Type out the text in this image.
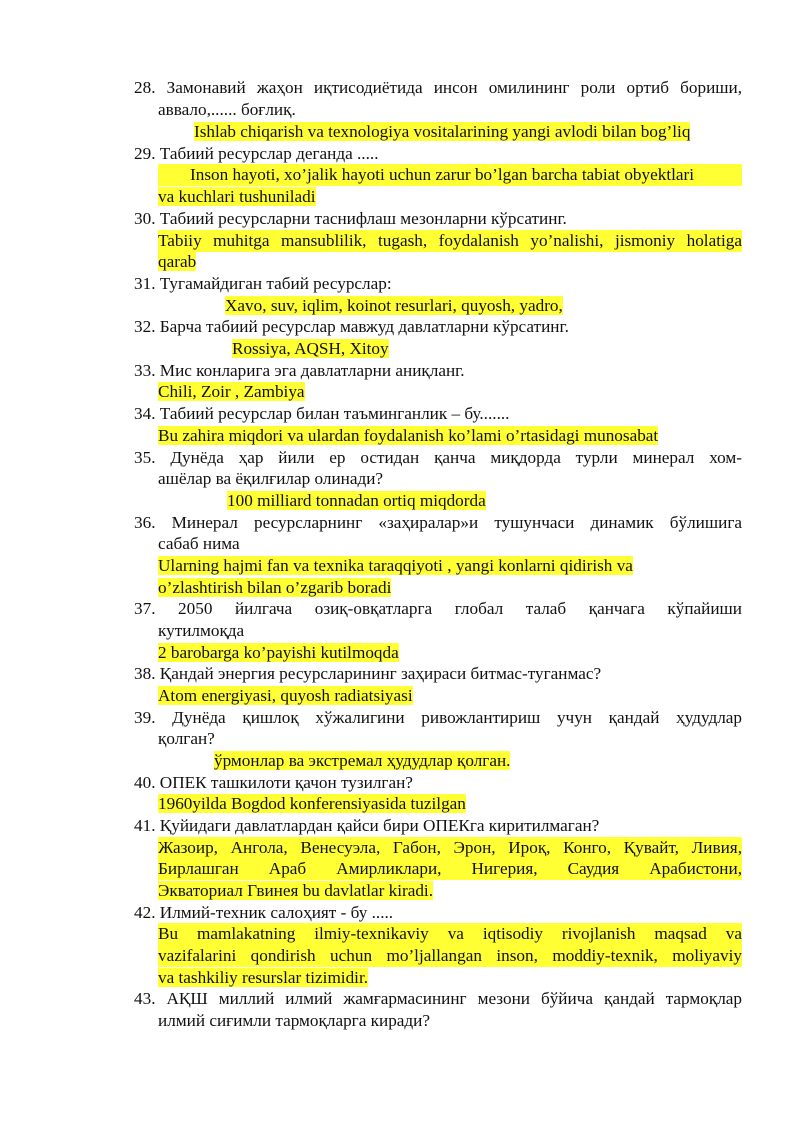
28. Замонавий жаҳон иқтисодиётида инсон омилининг роли ортиб бориши,
аввало,...... боғлиқ.
Ishlab chiqarish va texnologiya vositalarining yangi avlodi bilan bog’liq
29. Табиий ресурслар деганда .....
Inson hayoti, xo’jalik hayoti uchun zarur bo’lgan barcha tabiat obyektlari
va kuchlari tushuniladi
30. Табиий ресурсларни таснифлаш мезонларни кўрсатинг.
Tabiiy muhitga mansublilik, tugash, foydalanish yo’nalishi, jismoniy holatiga
qarab
31. Тугамайдиган табий ресурслар:
Xavo, suv, iqlim, koinot resurlari, quyosh, yadro,
32. Барча табиий ресурслар мавжуд давлатларни кўрсатинг.
Rossiya, AQSH, Xitoy
33. Мис конларига эга давлатларни аниқланг.
Chili, Zoir , Zambiya
34. Табиий ресурслар билан таъминганлик – бу.......
Bu zahira miqdori va ulardan foydalanish ko’lami o’rtasidagi munosabat
35. Дунёда ҳар йили ер остидан қанча миқдорда турли минерал хом-
ашёлар ва ёқилғилар олинади?
100 milliard tonnadan ortiq miqdorda
36. Минерал ресурсларнинг «заҳиралар»и тушунчаси динамик бўлишига
сабаб нима
Ularning hajmi fan va texnika taraqqiyoti , yangi konlarni qidirish va
o’zlashtirish bilan o’zgarib boradi
37. 2050 йилгача озиқ-овқатларга глобал талаб қанчага кўпайиши
кутилмоқда
2 barobarga ko’payishi kutilmoqda
38. Қандай энергия ресурсларининг заҳираси битмас-туганмас?
Atom energiyasi, quyosh radiatsiyasi
39. Дунёда қишлоқ хўжалигини ривожлантириш учун қандай ҳудудлар
қолган?
ўрмонлар ва экстремал ҳудудлар қолган.
40. ОПЕК ташкилоти қачон тузилган?
1960yilda Bogdod konferensiyasida tuzilgan
41. Қуйидаги давлатлардан қайси бири ОПЕКга киритилмаган?
Жазоир, Ангола, Венесуэла, Габон, Эрон, Ироқ, Конго, Қувайт, Ливия,
Бирлашган Араб Амирликлари, Нигерия, Саудия Арабистони,
Экваториал Гвинея bu davlatlar kiradi.
42. Илмий-техник салоҳият - бу .....
Bu mamlakatning ilmiy-texnikaviy va iqtisodiy rivojlanish maqsad va
vazifalarini qondirish uchun mo’ljallangan inson, moddiy-texnik, moliyaviy
va tashkiliy resurslar tizimidir.
43. АҚШ миллий илмий жамғармасининг мезони бўйича қандай тармоқлар
илмий сиғимли тармоқларга киради?
